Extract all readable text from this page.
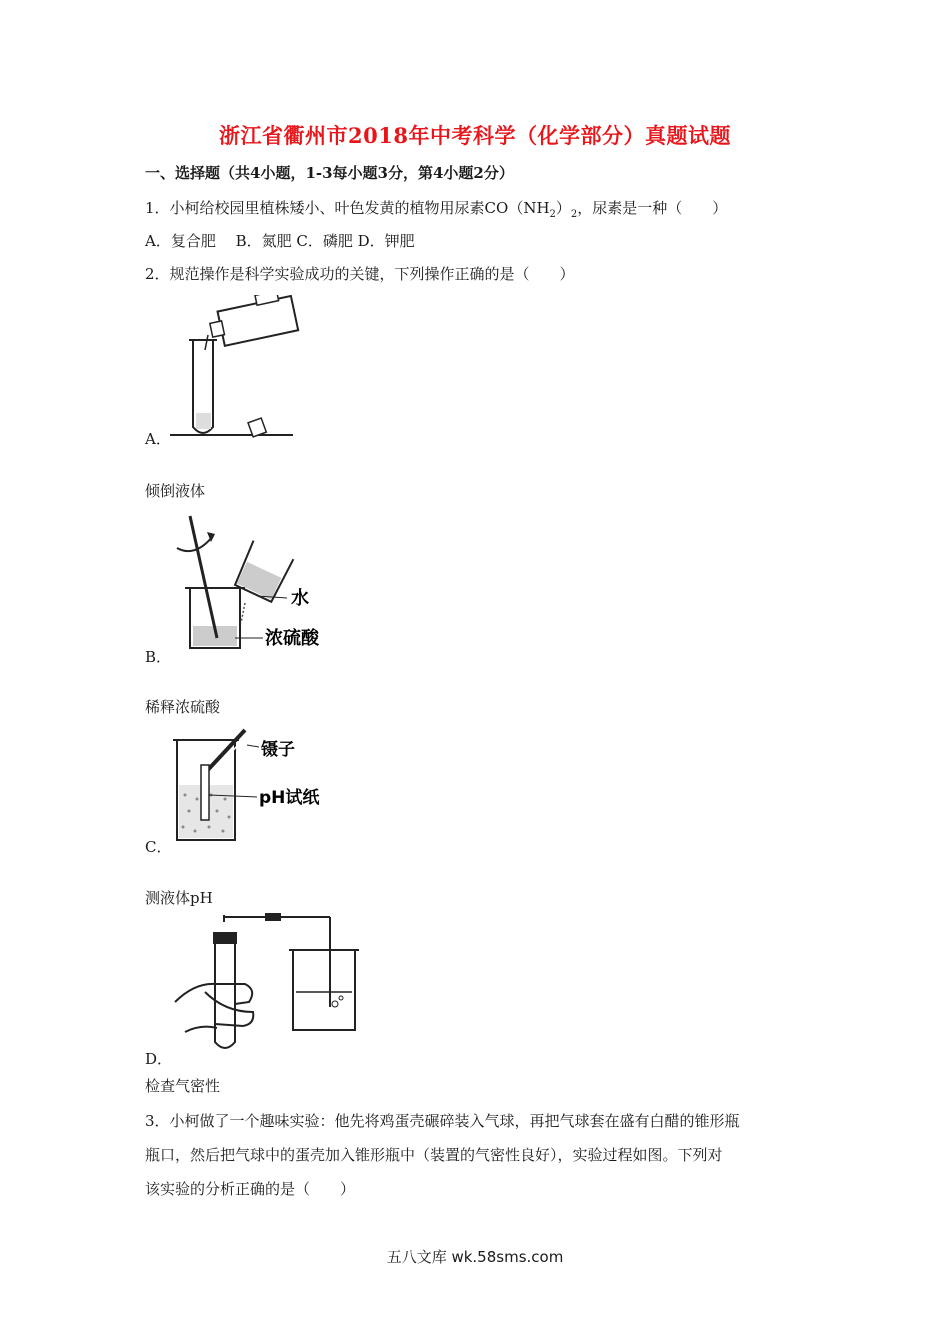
浙江省衢州市2018年中考科学（化学部分）真题试题
一、选择题（共4小题，1-3每小题3分，第4小题2分）
1．小柯给校园里植株矮小、叶色发黄的植物用尿素$CO(NH_2)_2$，尿素是一种（　　）
A．复合肥　 B．氮肥 C．磷肥 D．钾肥
2．规范操作是科学实验成功的关键，下列操作正确的是（　　）
A．
倾倒液体
水
浓硫酸
B．
稀释浓硫酸
镊子
pH试纸
C．
测液体pH
D．
检查气密性
3．小柯做了一个趣味实验：他先将鸡蛋壳碾碎装入气球，再把气球套在盛有白醋的锥形瓶
瓶口，然后把气球中的蛋壳加入锥形瓶中（装置的气密性良好），实验过程如图。下列对
该实验的分析正确的是（　　）
五八文库 wk.58sms.com
